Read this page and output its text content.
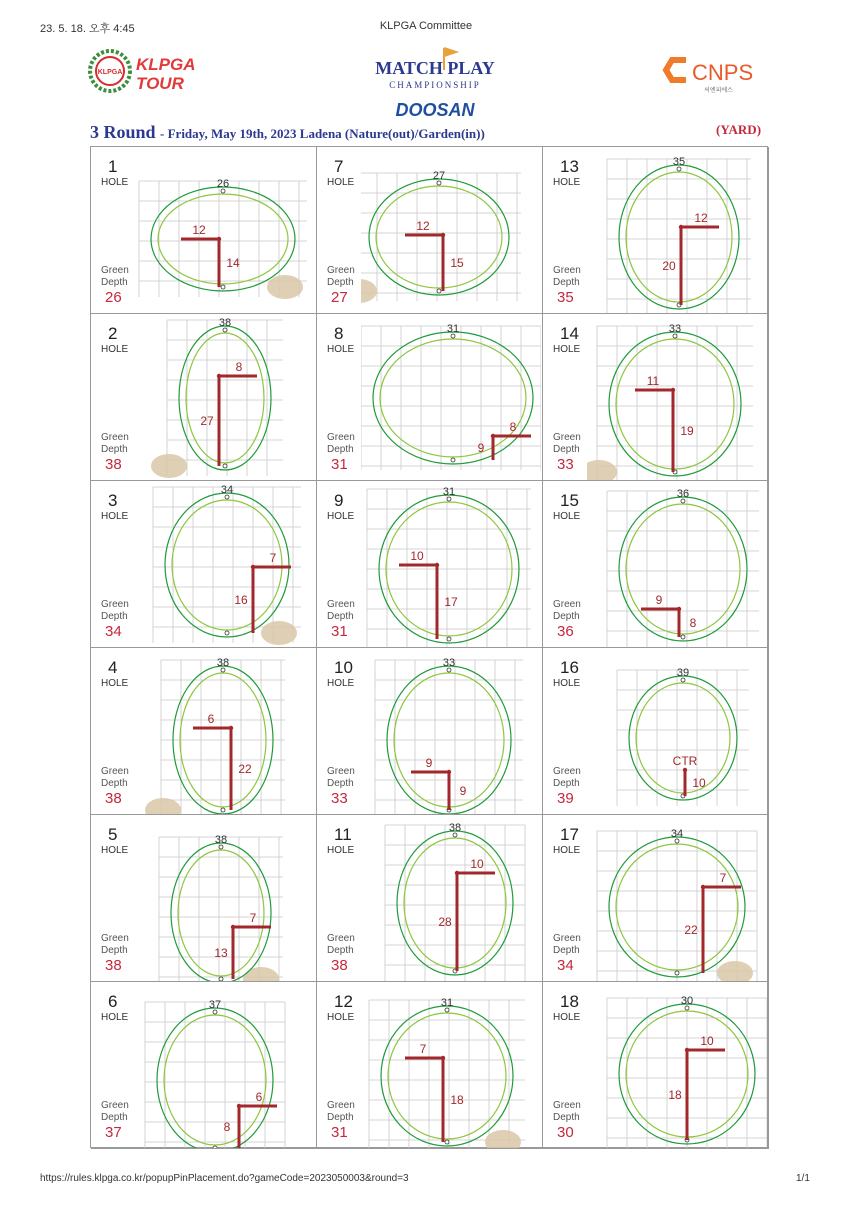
23. 5. 18. 오후 4:45	KLPGA Committee
KLPGA KLPGA
TOUR
MATCH PLAY
CHAMPIONSHIP
DOOSAN
CNPS
씨엔피에스
3 Round - Friday, May 19th, 2023 Ladena (Nature(out)/Garden(in))	(YARD)
1
HOLE
Green
Depth
26
26
12
14
7
HOLE
Green
Depth
27
27
12
15
13
HOLE
Green
Depth
35
35
12
20
2
HOLE
Green
Depth
38
38
8
27
8
HOLE
Green
Depth
31
31
8
9
14
HOLE
Green
Depth
33
33
11
19
3
HOLE
Green
Depth
34
34
7
16
9
HOLE
Green
Depth
31
31
10
17
15
HOLE
Green
Depth
36
36
9
8
4
HOLE
Green
Depth
38
38
6
22
10
HOLE
Green
Depth
33
33
9
9
16
HOLE
Green
Depth
39
39
CTR
10
5
HOLE
Green
Depth
38
38
7
13
11
HOLE
Green
Depth
38
38
10
28
17
HOLE
Green
Depth
34
34
7
22
6
HOLE
Green
Depth
37
37
6
8
12
HOLE
Green
Depth
31
31
7
18
18
HOLE
Green
Depth
30
30
10
18
https://rules.klpga.co.kr/popupPinPlacement.do?gameCode=2023050003&round=3	1/1
